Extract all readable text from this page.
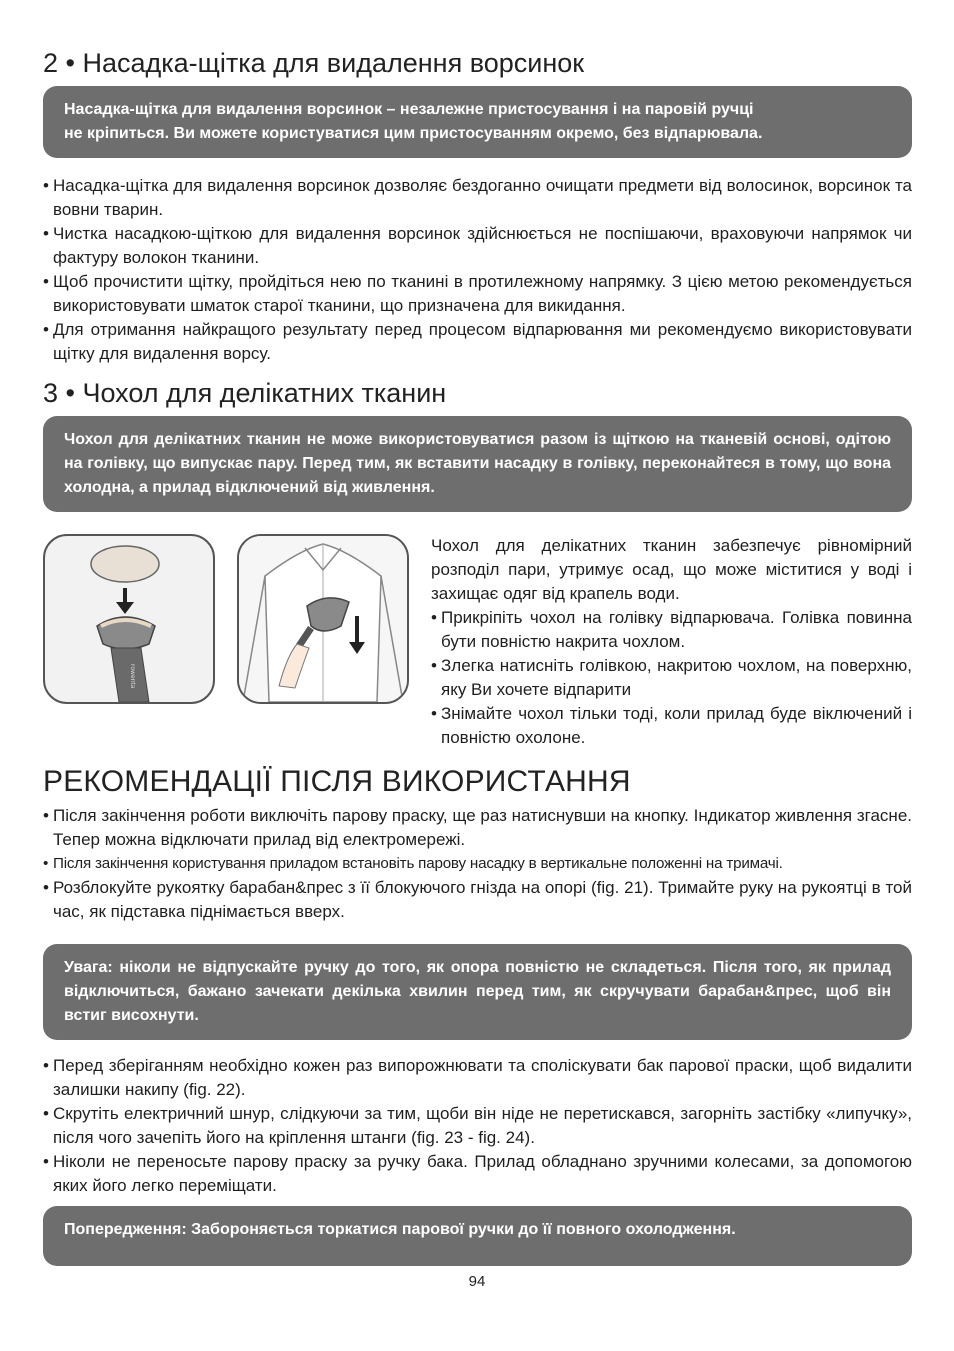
2 • Насадка-щітка для видалення ворсинок
Насадка-щітка для видалення ворсинок – незалежне пристосування і на паровій ручці
не кріпиться. Ви можете користуватися цим пристосуванням окремо, без відпарювала.
• Насадка-щітка для видалення ворсинок дозволяє бездоганно очищати предмети від волосинок, ворсинок та вовни тварин.
• Чистка насадкою-щіткою для видалення ворсинок здійснюється не поспішаючи, враховуючи напрямок чи фактуру волокон тканини.
• Щоб прочистити щітку, пройдіться нею по тканині в протилежному напрямку. З цією метою рекомендується використовувати шматок старої тканини, що призначена для викидання.
• Для отримання найкращого результату перед процесом відпарювання ми рекомендуємо використовувати щітку для видалення ворсу.
3 • Чохол для делікатних тканин
Чохол для делікатних тканин не може використовуватися разом із щіткою на тканевій основі, одітою на голівку, що випускає пару. Перед тим, як вставити насадку в голівку, переконайтеся в тому, що вона холодна, а прилад відключений від живлення.
rowenta

Чохол для делікатних тканин забезпечує рівномірний розподіл пари, утримує осад, що може міститися у воді і захищає одяг від крапель води.

• Прикріпіть чохол на голівку відпарювача. Голівка повинна бути повністю накрита чохлом.
• Злегка натисніть голівкою, накритою чохлом, на поверхню, яку Ви хочете відпарити
• Знімайте чохол тільки тоді, коли прилад буде віключений і повністю охолоне.
РЕКОМЕНДАЦІЇ ПІСЛЯ ВИКОРИСТАННЯ
• Після закінчення роботи виключіть парову праску, ще раз натиснувши на кнопку. Індикатор живлення згасне. Тепер можна відключати прилад від електромережі.
• Після закінчення користування приладом встановіть парову насадку в вертикальне положенні на тримачі.
• Розблокуйте рукоятку барабан&прес з її блокуючого гнізда на опорі (fig. 21). Тримайте руку на рукоятці в той час, як підставка піднімається вверх.
Увага: ніколи не відпускайте ручку до того, як опора повністю не складеться. Після того, як прилад відключиться, бажано зачекати декілька хвилин перед тим, як скручувати барабан&прес, щоб він встиг висохнути.
• Перед зберіганням необхідно кожен раз випорожнювати та споліскувати бак парової праски, щоб видалити залишки накипу (fig. 22).
• Скрутіть електричний шнур, слідкуючи за тим, щоби він ніде не перетискався, загорніть застібку «липучку», після чого зачепіть його на кріплення штанги (fig. 23 - fig. 24).
• Ніколи не переносьте парову праску за ручку бака. Прилад обладнано зручними колесами, за допомогою яких його легко переміщати.
Попередження: Забороняється торкатися парової ручки до її повного охолодження.
94
